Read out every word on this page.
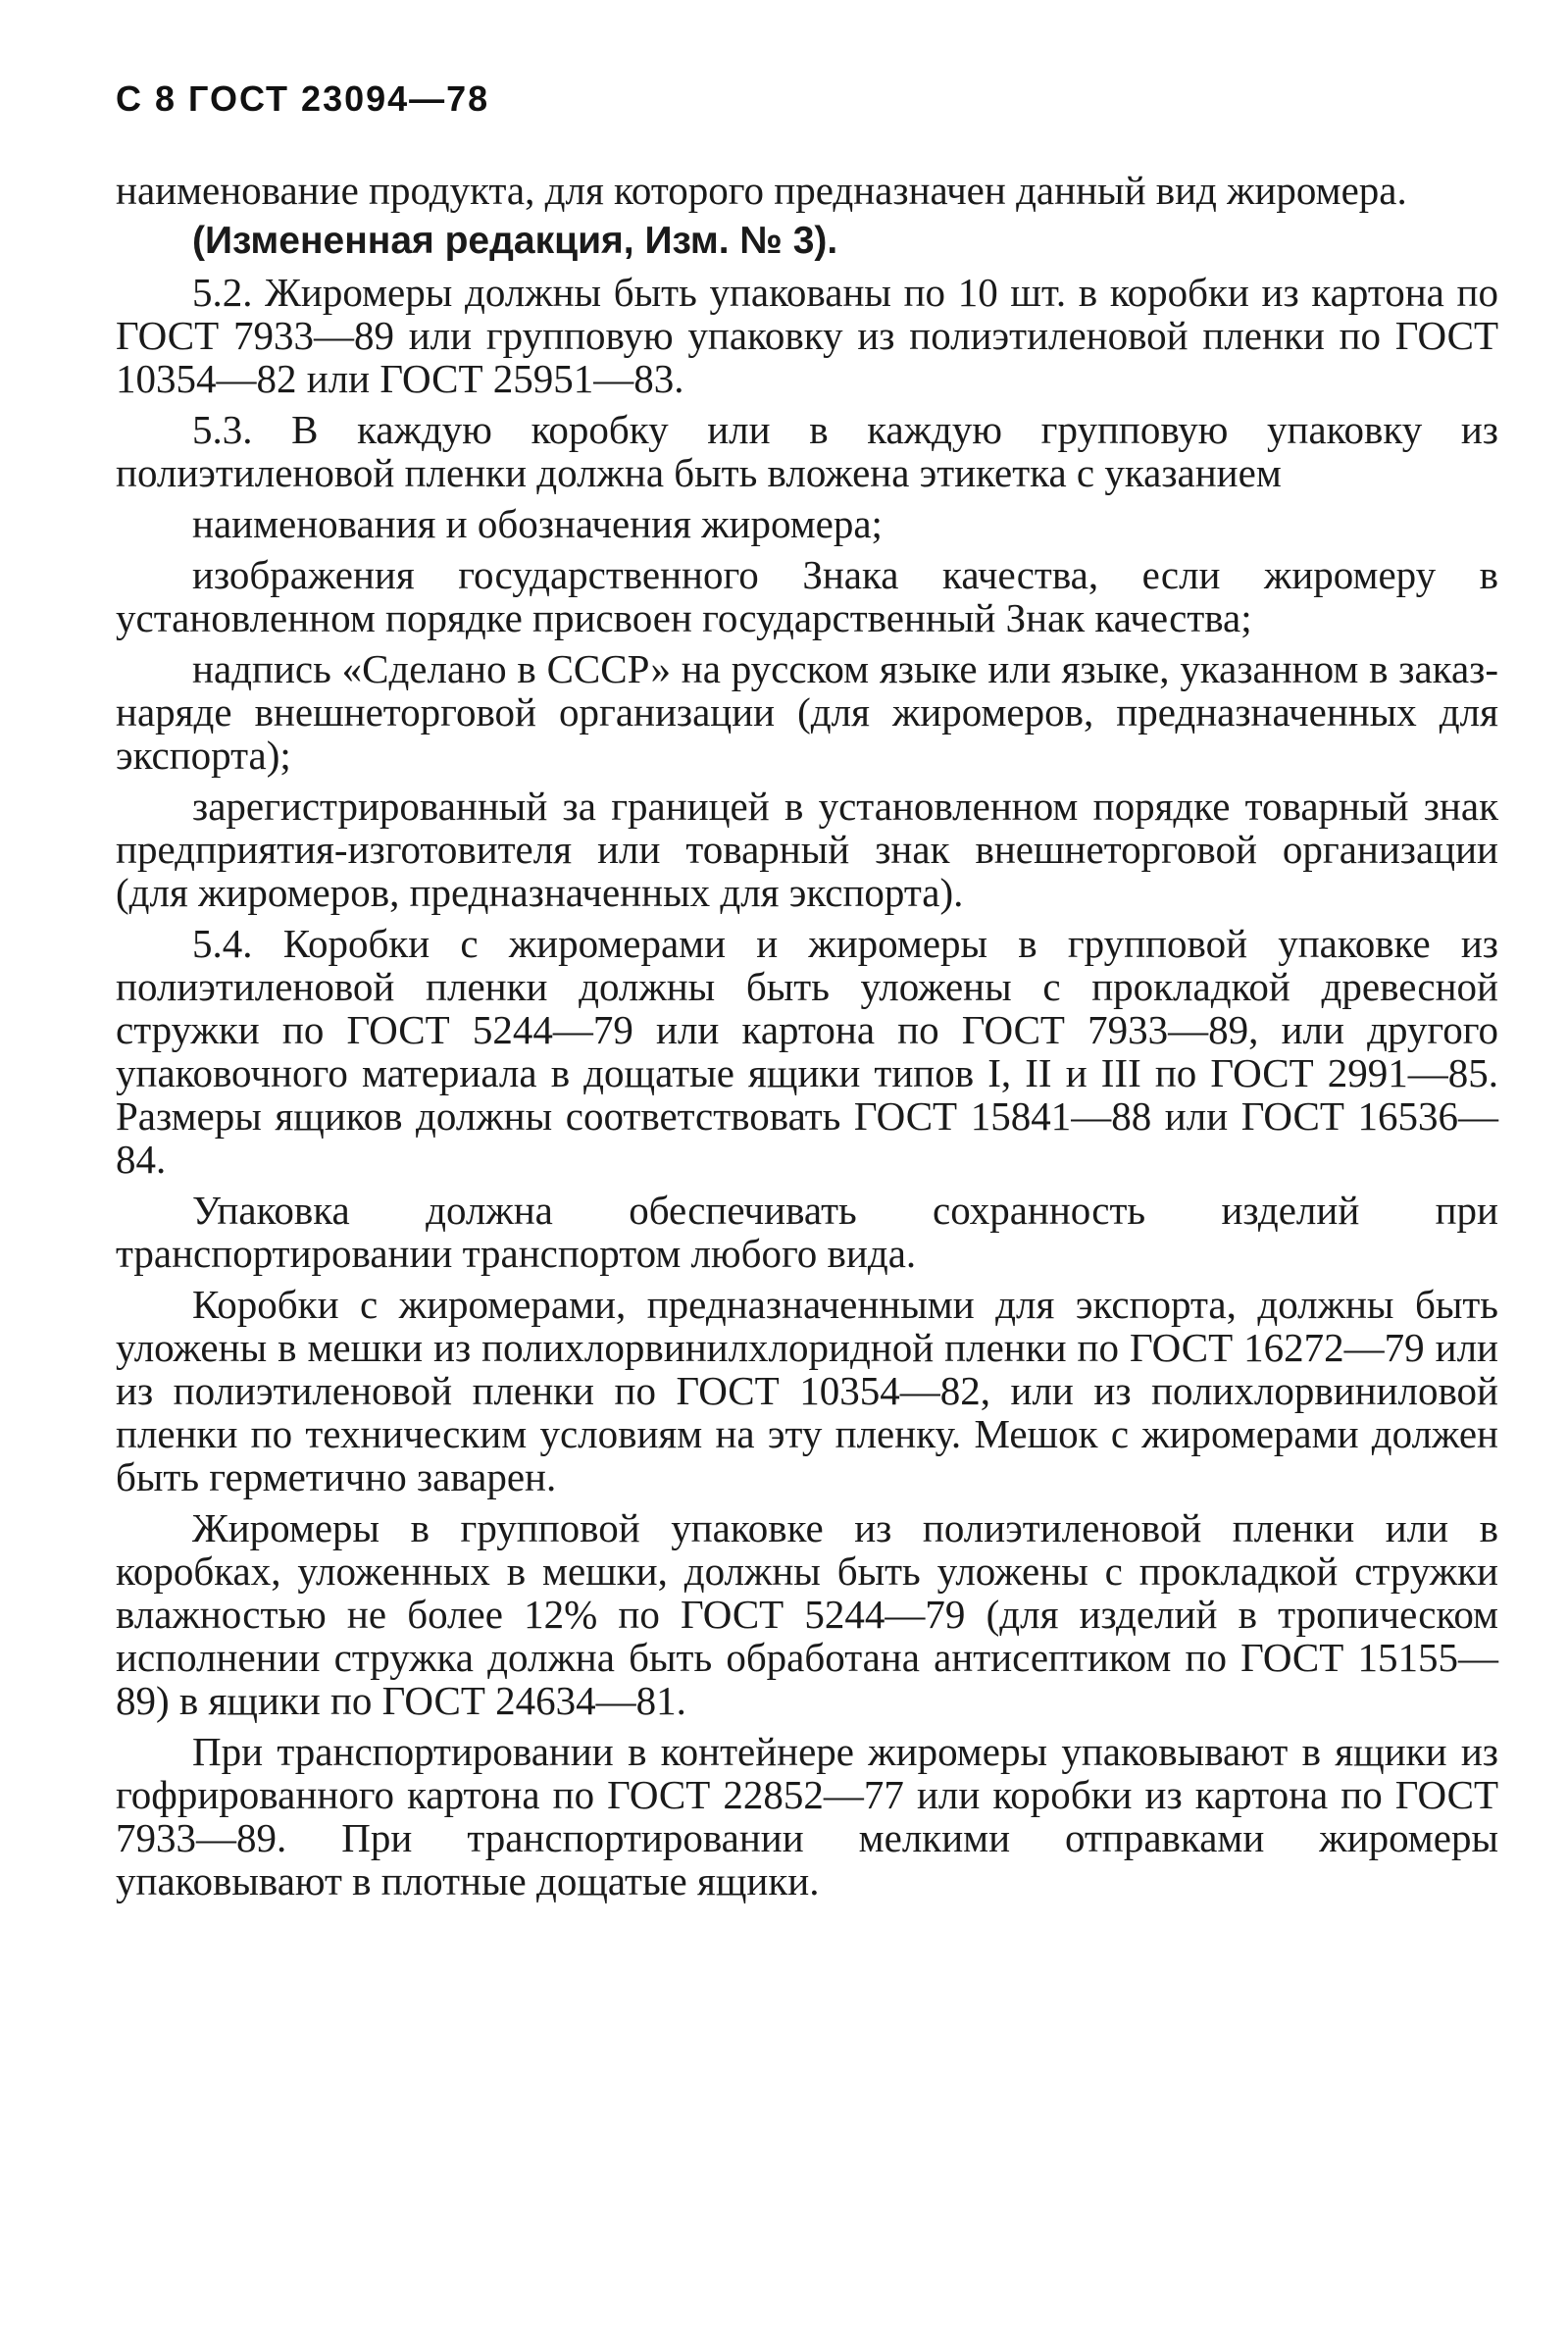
С 8 ГОСТ 23094—78

наименование продукта, для которого предназначен данный вид жиромера.

(Измененная редакция, Изм. № 3).

5.2. Жиромеры должны быть упакованы по 10 шт. в коробки из картона по ГОСТ 7933—89 или групповую упаковку из полиэтиленовой пленки по ГОСТ 10354—82 или ГОСТ 25951—83.

5.3. В каждую коробку или в каждую групповую упаковку из полиэтиленовой пленки должна быть вложена этикетка с указанием

наименования и обозначения жиромера;

изображения государственного Знака качества, если жиромеру в установленном порядке присвоен государственный Знак качества;

надпись «Сделано в СССР» на русском языке или языке, указанном в заказ-наряде внешнеторговой организации (для жиромеров, предназначенных для экспорта);

зарегистрированный за границей в установленном порядке товарный знак предприятия-изготовителя или товарный знак внешнеторговой организации (для жиромеров, предназначенных для экспорта).

5.4. Коробки с жиромерами и жиромеры в групповой упаковке из полиэтиленовой пленки должны быть уложены с прокладкой древесной стружки по ГОСТ 5244—79 или картона по ГОСТ 7933—89, или другого упаковочного материала в дощатые ящики типов I, II и III по ГОСТ 2991—85. Размеры ящиков должны соответствовать ГОСТ 15841—88 или ГОСТ 16536—84.

Упаковка должна обеспечивать сохранность изделий при транспортировании транспортом любого вида.

Коробки с жиромерами, предназначенными для экспорта, должны быть уложены в мешки из полихлорвинилхлоридной пленки по ГОСТ 16272—79 или из полиэтиленовой пленки по ГОСТ 10354—82, или из полихлорвиниловой пленки по техническим условиям на эту пленку. Мешок с жиромерами должен быть герметично заварен.

Жиромеры в групповой упаковке из полиэтиленовой пленки или в коробках, уложенных в мешки, должны быть уложены с прокладкой стружки влажностью не более 12% по ГОСТ 5244—79 (для изделий в тропическом исполнении стружка должна быть обработана антисептиком по ГОСТ 15155—89) в ящики по ГОСТ 24634—81.

При транспортировании в контейнере жиромеры упаковывают в ящики из гофрированного картона по ГОСТ 22852—77 или коробки из картона по ГОСТ 7933—89. При транспортировании мелкими отправками жиромеры упаковывают в плотные дощатые ящики.
